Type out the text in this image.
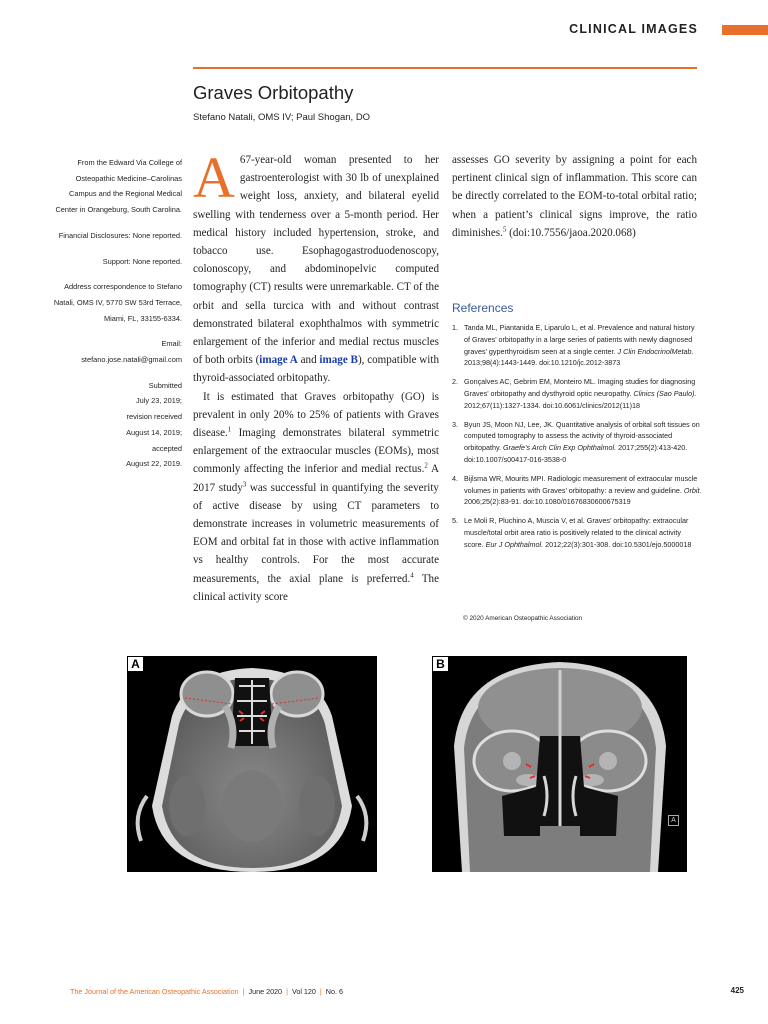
CLINICAL IMAGES
Graves Orbitopathy
Stefano Natali, OMS IV; Paul Shogan, DO

From the Edward Via College of Osteopathic Medicine–Carolinas Campus and the Regional Medical Center in Orangeburg, South Carolina.

Financial Disclosures: None reported.

Support: None reported.

Address correspondence to Stefano Natali, OMS IV, 5770 SW 53rd Terrace, Miami, FL, 33155-6334.

Email:
stefano.jose.natali@gmail.com

Submitted

July 23, 2019;

revision received

August 14, 2019;

accepted

August 22, 2019.

A 67-year-old woman presented to her gastroenterologist with 30 lb of unexplained weight loss, anxiety, and bilateral eyelid swelling with tenderness over a 5-month period. Her medical history included hypertension, stroke, and tobacco use. Esophagogastroduodenoscopy, colonoscopy, and abdominopelvic computed tomography (CT) results were unremarkable. CT of the orbit and sella turcica with and without contrast demonstrated bilateral exophthalmos with symmetric enlargement of the inferior and medial rectus muscles of both orbits (image A and image B), compatible with thyroid-associated orbitopathy.

It is estimated that Graves orbitopathy (GO) is prevalent in only 20% to 25% of patients with Graves disease.$^1$ Imaging demonstrates bilateral symmetric enlargement of the extraocular muscles (EOMs), most commonly affecting the inferior and medial rectus.$^2$ A 2017 study$^3$ was successful in quantifying the severity of active disease by using CT parameters to demonstrate increases in volumetric measurements of EOM and orbital fat in those with active inflammation vs healthy controls. For the most accurate measurements, the axial plane is preferred.$^4$ The clinical activity score

assesses GO severity by assigning a point for each pertinent clinical sign of inflammation. This score can be directly correlated to the EOM-to-total orbital ratio; when a patient’s clinical signs improve, the ratio diminishes.$^5$ (doi:10.7556/jaoa.2020.068)

References
1. Tanda ML, Piantanida E, Liparulo L, et al. Prevalence and natural history of Graves’ orbitopathy in a large series of patients with newly diagnosed graves’ gyperthyroidism seen at a single center. J Clin EndocrinolMetab. 2013;98(4):1443-1449. doi:10.1210/jc.2012-3873
2. Gonçalves AC, Gebrim EM, Monteiro ML. Imaging studies for diagnosing Graves’ orbitopathy and dysthyroid optic neuropathy. Clinics (Sao Paulo). 2012;67(11):1327-1334. doi:10.6061/clinics/2012(11)18
3. Byun JS, Moon NJ, Lee, JK. Quantitative analysis of orbital soft tissues on computed tomography to assess the activity of thyroid-associated orbitopathy. Graefe’s Arch Clin Exp Ophthalmol. 2017;255(2):413-420. doi:10.1007/s00417-016-3538-0
4. Bijlsma WR, Mourits MPI. Radiologic measurement of extraocular muscle volumes in patients with Graves’ orbitopathy: a review and guideline. Orbit. 2006;25(2):83-91. doi:10.1080/01676830600675319
5. Le Moli R, Pluchino A, Muscia V, et al. Graves’ orbitopathy: extraocular muscle/total orbit area ratio is positively related to the clinical activity score. Eur J Ophthalmol. 2012;22(3):301-308. doi:10.5301/ejo.5000018
© 2020 American Osteopathic Association
A	B
A
The Journal of the American Osteopathic Association | June 2020 | Vol 120 | No. 6	425
